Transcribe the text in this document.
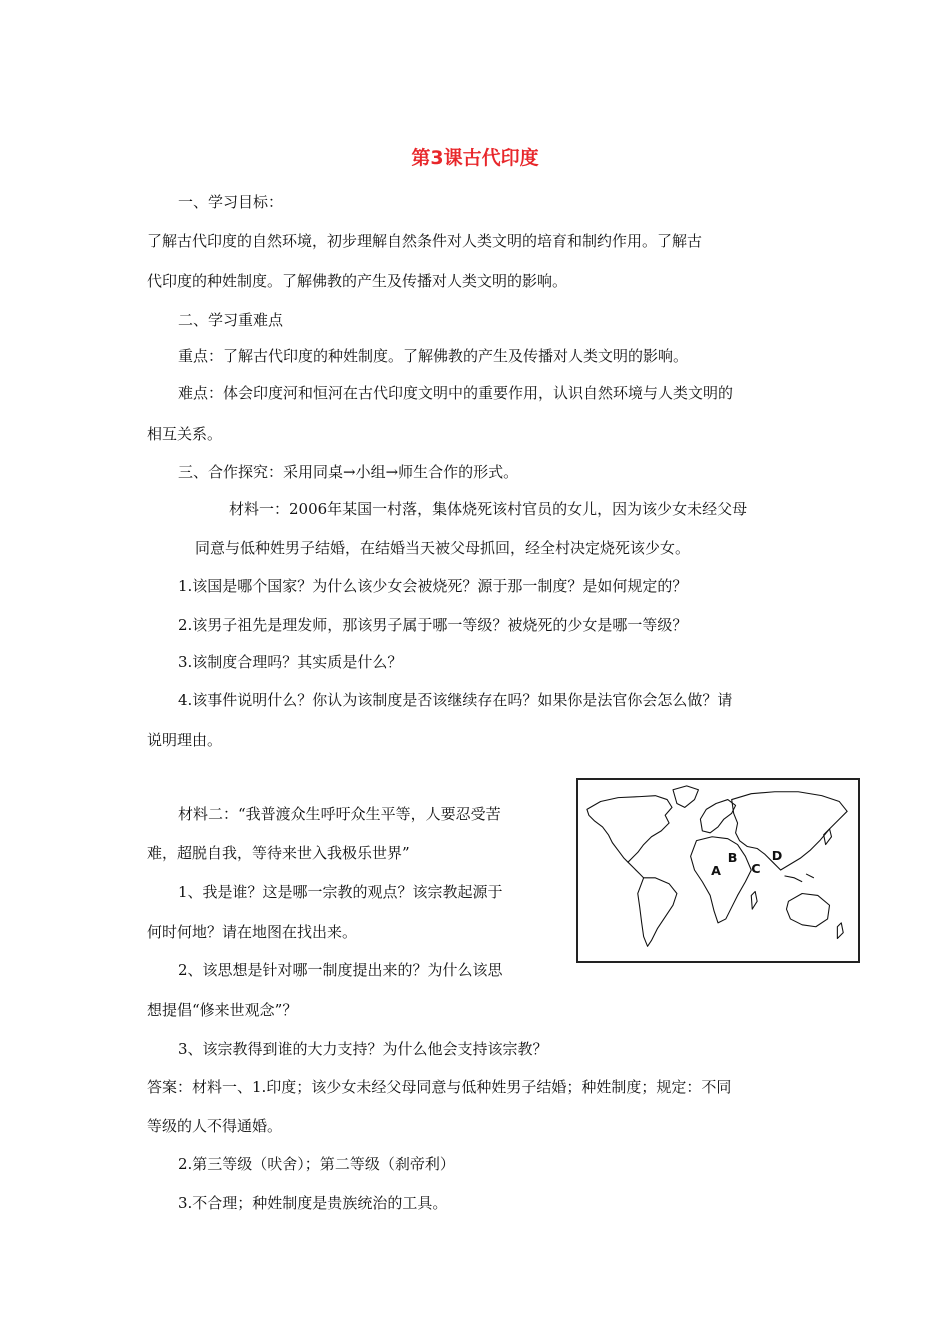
第3课古代印度
一、学习目标：
了解古代印度的自然环境，初步理解自然条件对人类文明的培育和制约作用。了解古
代印度的种姓制度。了解佛教的产生及传播对人类文明的影响。
二、学习重难点
重点：了解古代印度的种姓制度。了解佛教的产生及传播对人类文明的影响。
难点：体会印度河和恒河在古代印度文明中的重要作用，认识自然环境与人类文明的
相互关系。
三、合作探究：采用同桌→小组→师生合作的形式。
材料一：2006年某国一村落，集体烧死该村官员的女儿，因为该少女未经父母
同意与低种姓男子结婚，在结婚当天被父母抓回，经全村决定烧死该少女。
1.该国是哪个国家？为什么该少女会被烧死？源于那一制度？是如何规定的？
2.该男子祖先是理发师，那该男子属于哪一等级？被烧死的少女是哪一等级？
3.该制度合理吗？其实质是什么？
4.该事件说明什么？你认为该制度是否该继续存在吗？如果你是法官你会怎么做？请
说明理由。
材料二：“我普渡众生呼吁众生平等，人要忍受苦
难，超脱自我，等待来世入我极乐世界”
1、我是谁？这是哪一宗教的观点？该宗教起源于
何时何地？请在地图在找出来。
2、该思想是针对哪一制度提出来的？为什么该思
想提倡“修来世观念”？
3、该宗教得到谁的大力支持？为什么他会支持该宗教？
答案：材料一、1.印度；该少女未经父母同意与低种姓男子结婚；种姓制度；规定：不同
等级的人不得通婚。
2.第三等级（吠舍）；第二等级（刹帝利）
3.不合理；种姓制度是贵族统治的工具。
A
B
C
D
